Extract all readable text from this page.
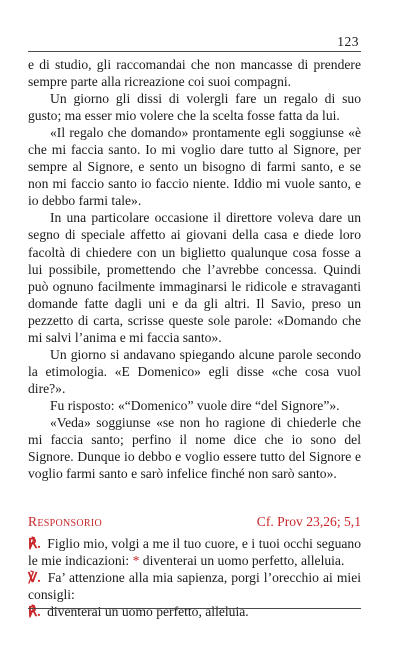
123

e di studio, gli raccomandai che non mancasse di prendere sempre parte alla ricreazione coi suoi compagni.

Un giorno gli dissi di volergli fare un regalo di suo gusto; ma esser mio volere che la scelta fosse fatta da lui.

«Il regalo che domando» prontamente egli soggiunse «è che mi faccia santo. Io mi voglio dare tutto al Signore, per sempre al Signore, e sento un bisogno di farmi santo, e se non mi faccio santo io faccio niente. Iddio mi vuole santo, e io debbo farmi tale».

In una particolare occasione il direttore voleva dare un segno di speciale affetto ai giovani della casa e diede loro facoltà di chiedere con un biglietto qualunque cosa fosse a lui possibile, promettendo che l’avrebbe concessa. Quindi può ognuno facilmente immaginarsi le ridicole e stravaganti domande fatte dagli uni e da gli altri. Il Savio, preso un pezzetto di carta, scrisse queste sole parole: «Domando che mi salvi l’anima e mi faccia santo».

Un giorno si andavano spiegando alcune parole secondo la etimologia. «E Domenico» egli disse «che cosa vuol dire?».

Fu risposto: «“Domenico” vuole dire “del Signore”».

«Veda» soggiunse «se non ho ragione di chiederle che mi faccia santo; perfino il nome dice che io sono del Signore. Dunque io debbo e voglio essere tutto del Signore e voglio farmi santo e sarò infelice finché non sarò santo».

Responsorio	Cf. Prov 23,26; 5,1

℟. Figlio mio, volgi a me il tuo cuore, e i tuoi occhi seguano le mie indicazioni: * diventerai un uomo perfetto, alleluia.

℣. Fa’ attenzione alla mia sapienza, porgi l’orecchio ai miei consigli:

℟. diventerai un uomo perfetto, alleluia.
